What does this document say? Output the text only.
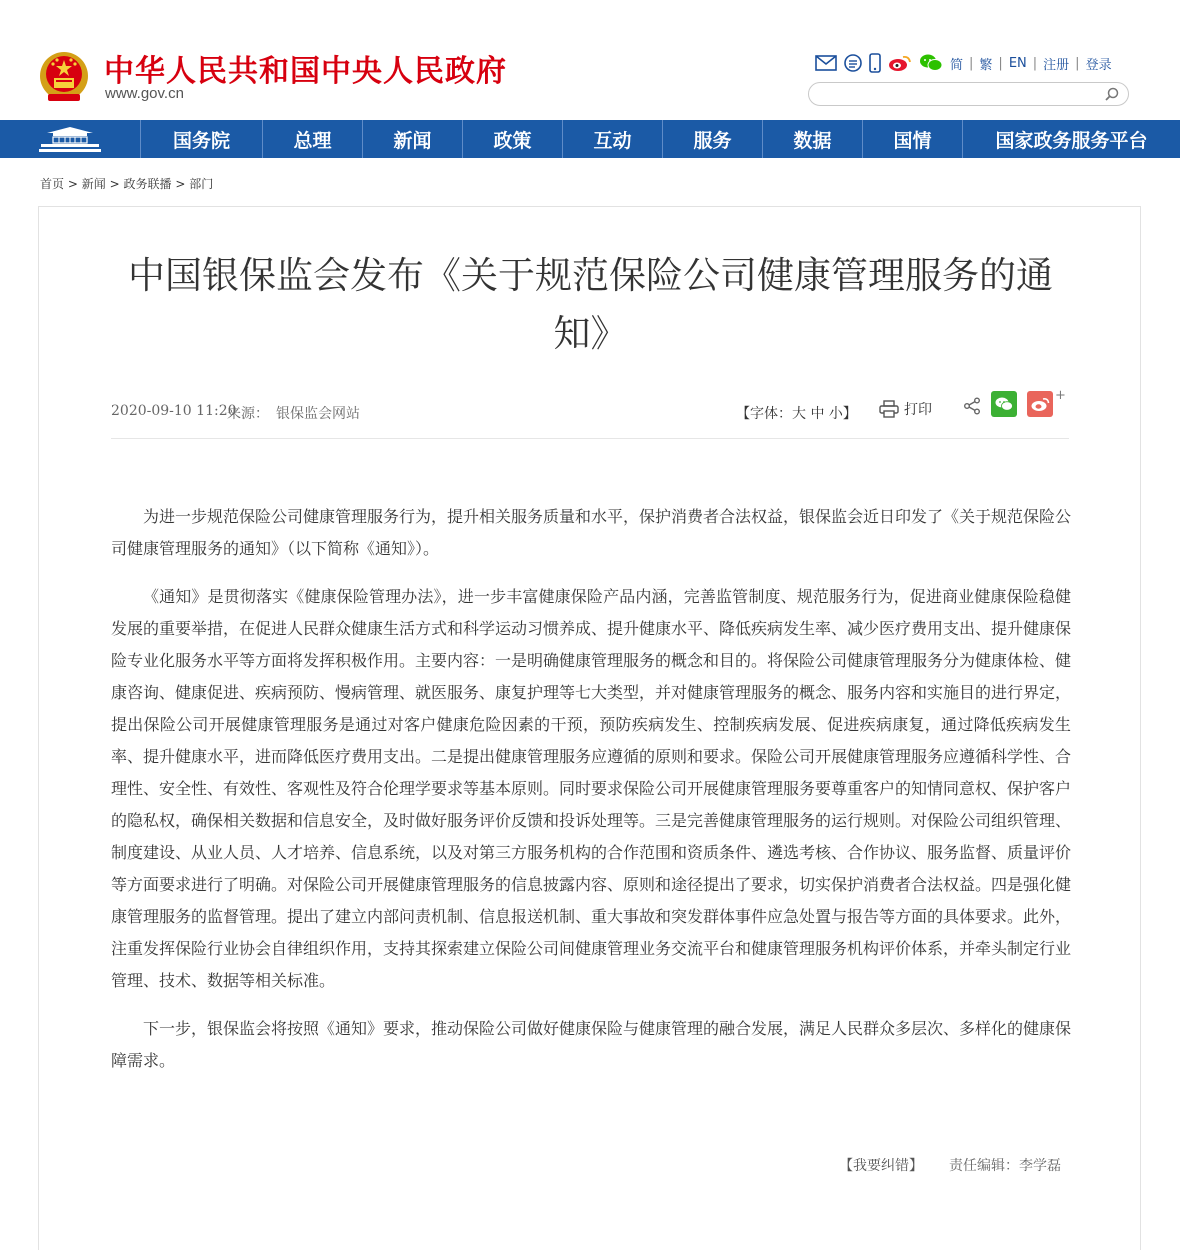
中华人民共和国中央人民政府
www.gov.cn
简 | 繁 | EN | 注册 | 登录
国务院	总理	新闻	政策	互动	服务	数据	国情	国家政务服务平台
首页 > 新闻 > 政务联播 > 部门
中国银保监会发布《关于规范保险公司健康管理服务的通知》
2020-09-10 11:20
来源： 银保监会网站	【字体：大 中 小】	打印
+

为进一步规范保险公司健康管理服务行为，提升相关服务质量和水平，保护消费者合法权益，银保监会近日印发了《关于规范保险公司健康管理服务的通知》（以下简称《通知》）。

《通知》是贯彻落实《健康保险管理办法》，进一步丰富健康保险产品内涵，完善监管制度、规范服务行为，促进商业健康保险稳健发展的重要举措，在促进人民群众健康生活方式和科学运动习惯养成、提升健康水平、降低疾病发生率、减少医疗费用支出、提升健康保险专业化服务水平等方面将发挥积极作用。主要内容：一是明确健康管理服务的概念和目的。将保险公司健康管理服务分为健康体检、健康咨询、健康促进、疾病预防、慢病管理、就医服务、康复护理等七大类型，并对健康管理服务的概念、服务内容和实施目的进行界定，提出保险公司开展健康管理服务是通过对客户健康危险因素的干预，预防疾病发生、控制疾病发展、促进疾病康复，通过降低疾病发生率、提升健康水平，进而降低医疗费用支出。二是提出健康管理服务应遵循的原则和要求。保险公司开展健康管理服务应遵循科学性、合理性、安全性、有效性、客观性及符合伦理学要求等基本原则。同时要求保险公司开展健康管理服务要尊重客户的知情同意权、保护客户的隐私权，确保相关数据和信息安全，及时做好服务评价反馈和投诉处理等。三是完善健康管理服务的运行规则。对保险公司组织管理、制度建设、从业人员、人才培养、信息系统，以及对第三方服务机构的合作范围和资质条件、遴选考核、合作协议、服务监督、质量评价等方面要求进行了明确。对保险公司开展健康管理服务的信息披露内容、原则和途径提出了要求，切实保护消费者合法权益。四是强化健康管理服务的监督管理。提出了建立内部问责机制、信息报送机制、重大事故和突发群体事件应急处置与报告等方面的具体要求。此外，注重发挥保险行业协会自律组织作用，支持其探索建立保险公司间健康管理业务交流平台和健康管理服务机构评价体系，并牵头制定行业管理、技术、数据等相关标准。

下一步，银保监会将按照《通知》要求，推动保险公司做好健康保险与健康管理的融合发展，满足人民群众多层次、多样化的健康保障需求。

【我要纠错】 责任编辑：李学磊
